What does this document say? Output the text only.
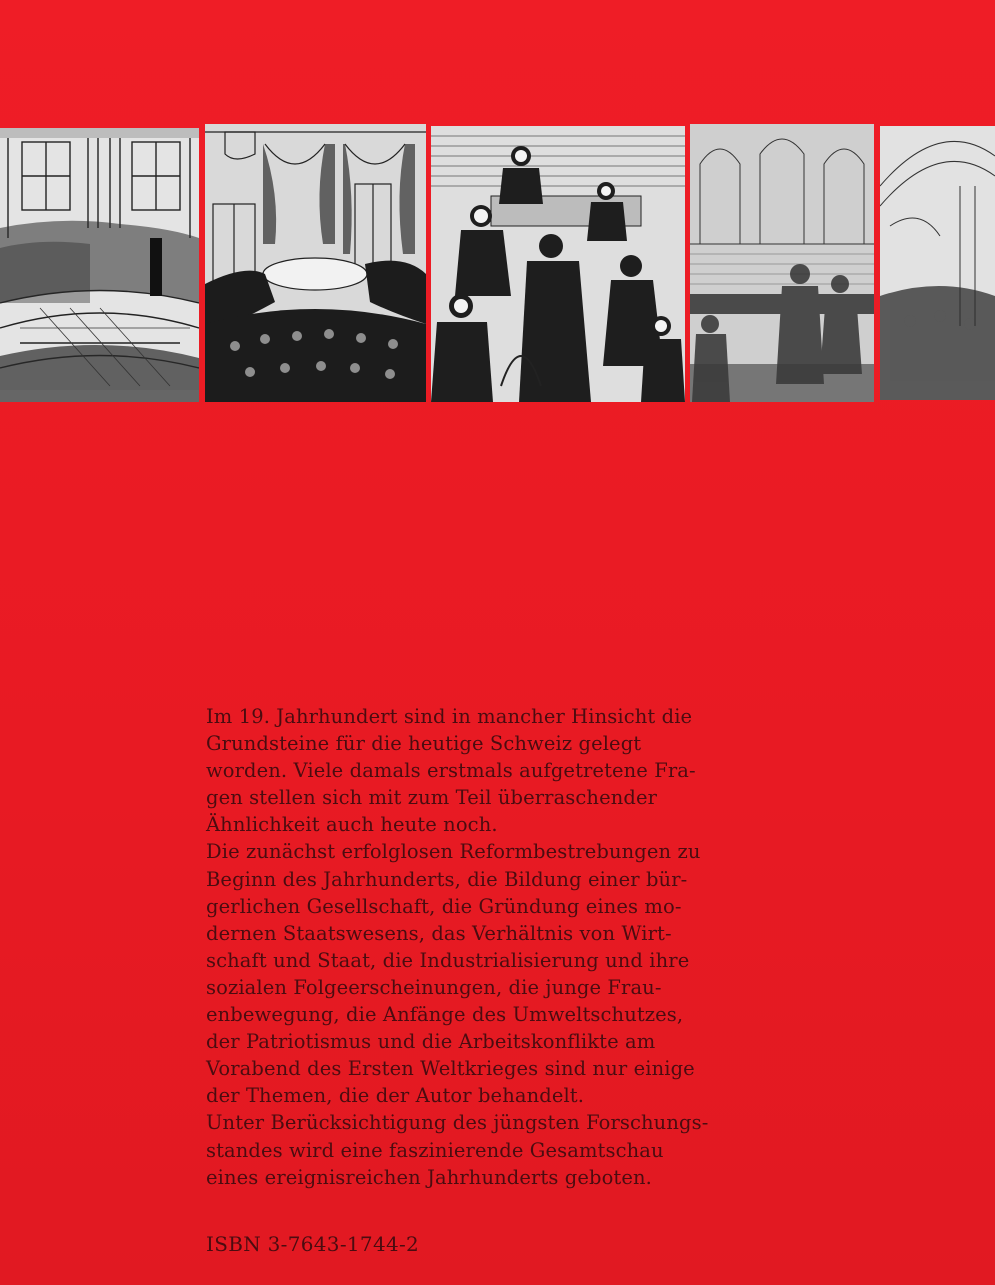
Im 19. Jahrhundert sind in mancher Hinsicht die
Grundsteine für die heutige Schweiz gelegt
worden. Viele damals erstmals aufgetretene Fra-
gen stellen sich mit zum Teil überraschender
Ähnlichkeit auch heute noch.

Die zunächst erfolglosen Reformbestrebungen zu
Beginn des Jahrhunderts, die Bildung einer bür-
gerlichen Gesellschaft, die Gründung eines mo-
dernen Staatswesens, das Verhältnis von Wirt-
schaft und Staat, die Industrialisierung und ihre
sozialen Folgeerscheinungen, die junge Frau-
enbewegung, die Anfänge des Umweltschutzes,
der Patriotismus und die Arbeitskonflikte am
Vorabend des Ersten Weltkrieges sind nur einige
der Themen, die der Autor behandelt.

Unter Berücksichtigung des jüngsten Forschungs-
standes wird eine faszinierende Gesamtschau
eines ereignisreichen Jahrhunderts geboten.

ISBN 3-7643-1744-2
